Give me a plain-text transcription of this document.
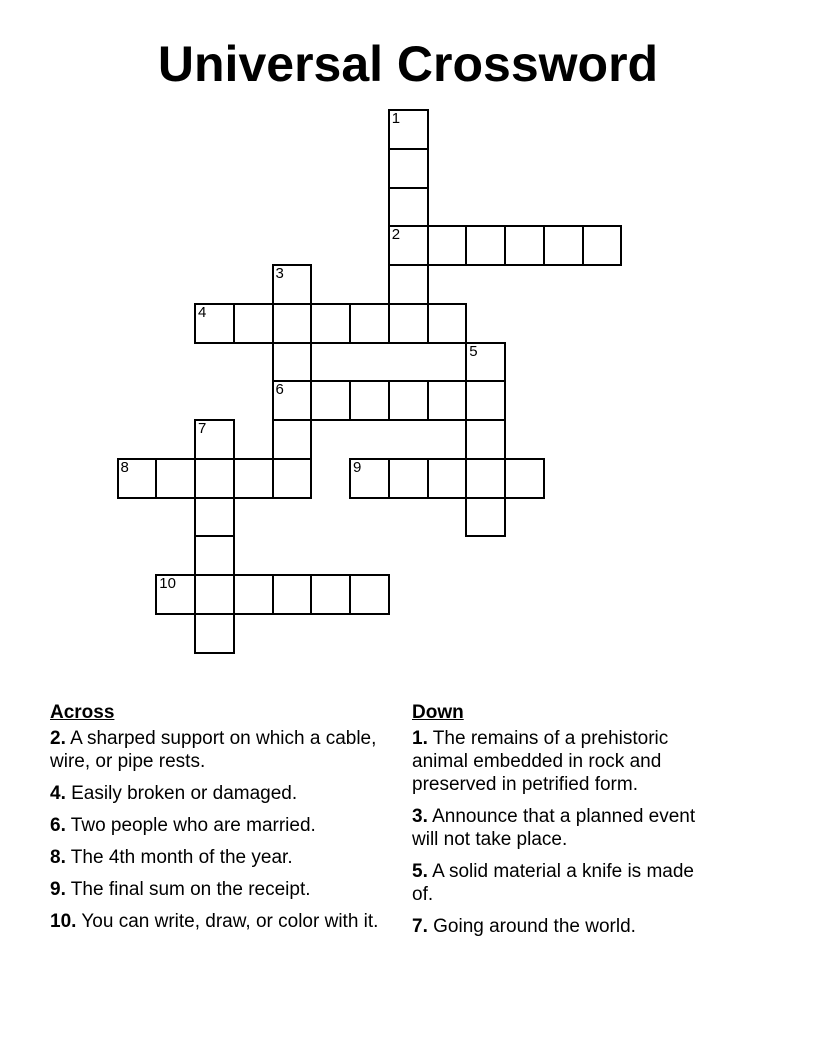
Universal Crossword
1
2
3
6
4
5
7
8	9
10

Across

2. A sharped support on which a cable, wire, or pipe rests.

4. Easily broken or damaged.

6. Two people who are married.

8. The 4th month of the year.

9. The final sum on the receipt.

10. You can write, draw, or color with it.

Down

1. The remains of a prehistoric animal embedded in rock and preserved in petrified form.

3. Announce that a planned event will not take place.

5. A solid material a knife is made of.

7. Going around the world.
